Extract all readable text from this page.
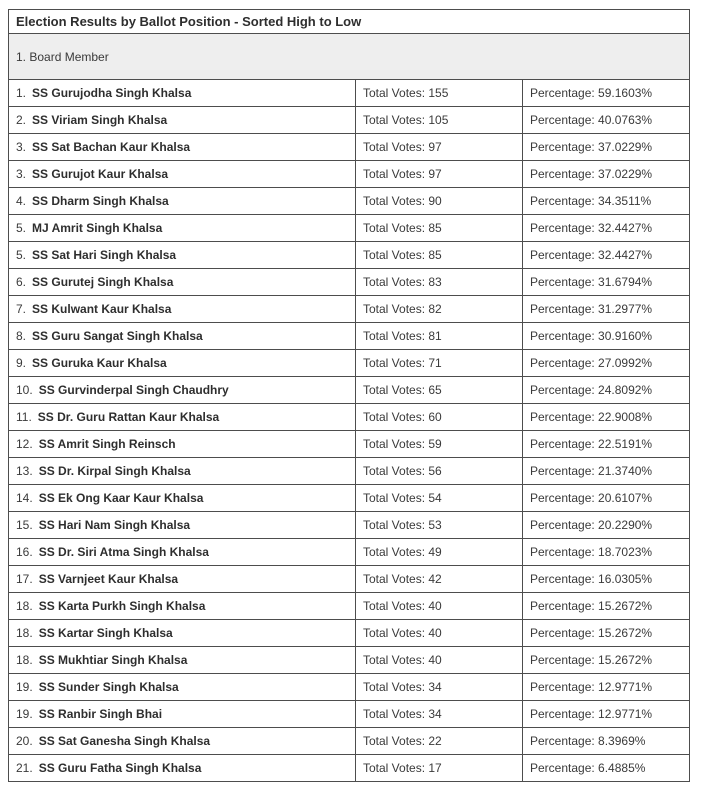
Election Results by Ballot Position - Sorted High to Low		
1. Board Member		
1. SS Gurujodha Singh Khalsa	Total Votes: 155	Percentage: 59.1603%
2. SS Viriam Singh Khalsa	Total Votes: 105	Percentage: 40.0763%
3. SS Sat Bachan Kaur Khalsa	Total Votes: 97	Percentage: 37.0229%
3. SS Gurujot Kaur Khalsa	Total Votes: 97	Percentage: 37.0229%
4. SS Dharm Singh Khalsa	Total Votes: 90	Percentage: 34.3511%
5. MJ Amrit Singh Khalsa	Total Votes: 85	Percentage: 32.4427%
5. SS Sat Hari Singh Khalsa	Total Votes: 85	Percentage: 32.4427%
6. SS Gurutej Singh Khalsa	Total Votes: 83	Percentage: 31.6794%
7. SS Kulwant Kaur Khalsa	Total Votes: 82	Percentage: 31.2977%
8. SS Guru Sangat Singh Khalsa	Total Votes: 81	Percentage: 30.9160%
9. SS Guruka Kaur Khalsa	Total Votes: 71	Percentage: 27.0992%
10. SS Gurvinderpal Singh Chaudhry	Total Votes: 65	Percentage: 24.8092%
11. SS Dr. Guru Rattan Kaur Khalsa	Total Votes: 60	Percentage: 22.9008%
12. SS Amrit Singh Reinsch	Total Votes: 59	Percentage: 22.5191%
13. SS Dr. Kirpal Singh Khalsa	Total Votes: 56	Percentage: 21.3740%
14. SS Ek Ong Kaar Kaur Khalsa	Total Votes: 54	Percentage: 20.6107%
15. SS Hari Nam Singh Khalsa	Total Votes: 53	Percentage: 20.2290%
16. SS Dr. Siri Atma Singh Khalsa	Total Votes: 49	Percentage: 18.7023%
17. SS Varnjeet Kaur Khalsa	Total Votes: 42	Percentage: 16.0305%
18. SS Karta Purkh Singh Khalsa	Total Votes: 40	Percentage: 15.2672%
18. SS Kartar Singh Khalsa	Total Votes: 40	Percentage: 15.2672%
18. SS Mukhtiar Singh Khalsa	Total Votes: 40	Percentage: 15.2672%
19. SS Sunder Singh Khalsa	Total Votes: 34	Percentage: 12.9771%
19. SS Ranbir Singh Bhai	Total Votes: 34	Percentage: 12.9771%
20. SS Sat Ganesha Singh Khalsa	Total Votes: 22	Percentage: 8.3969%
21. SS Guru Fatha Singh Khalsa	Total Votes: 17	Percentage: 6.4885%
